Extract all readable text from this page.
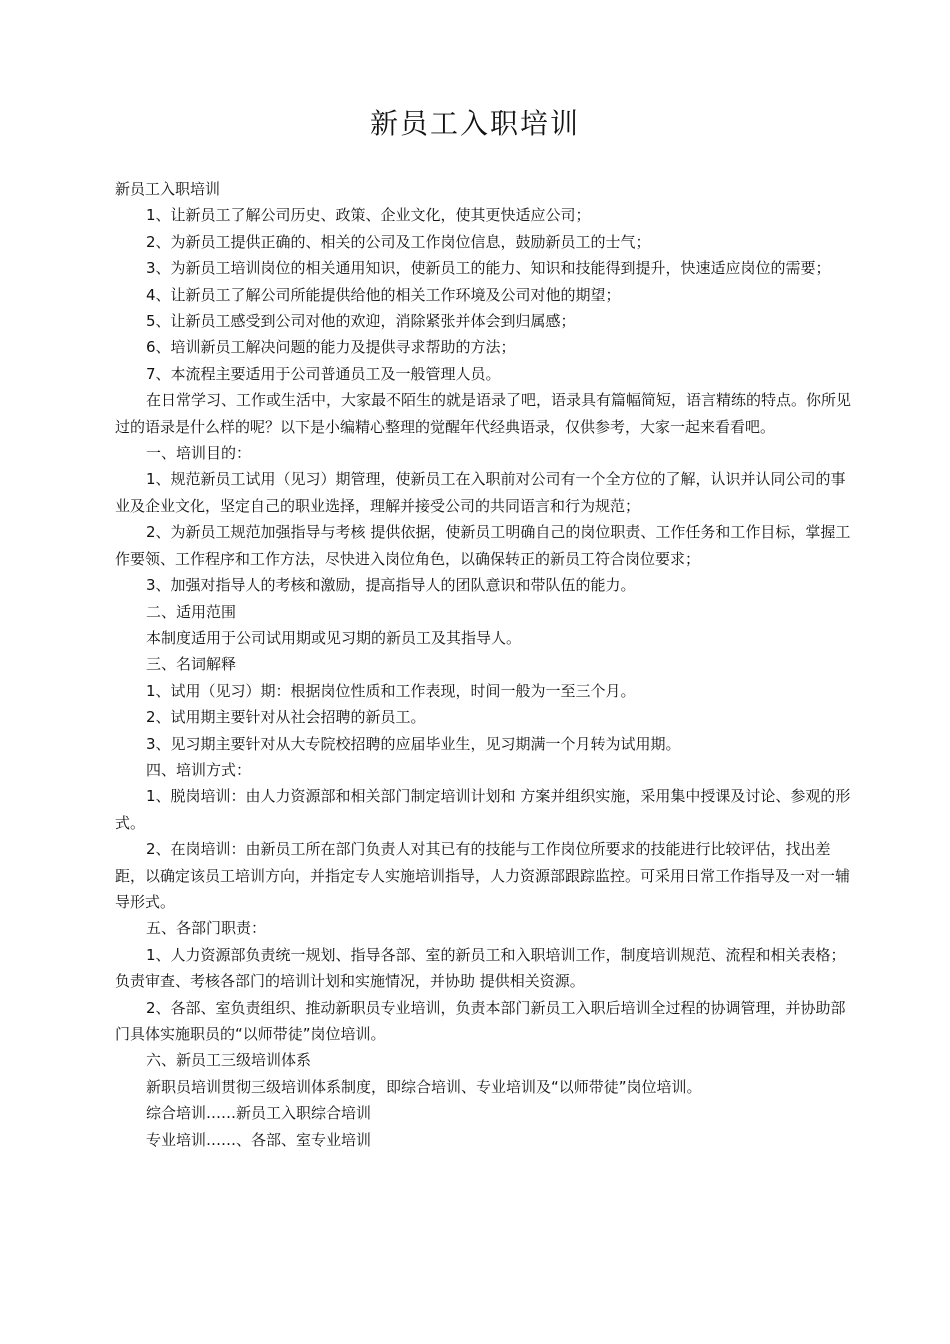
新员工入职培训

新员工入职培训

1、让新员工了解公司历史、政策、企业文化，使其更快适应公司；

2、为新员工提供正确的、相关的公司及工作岗位信息，鼓励新员工的士气；

3、为新员工培训岗位的相关通用知识，使新员工的能力、知识和技能得到提升，快速适应岗位的需要；

4、让新员工了解公司所能提供给他的相关工作环境及公司对他的期望；

5、让新员工感受到公司对他的欢迎，消除紧张并体会到归属感；

6、培训新员工解决问题的能力及提供寻求帮助的方法；

7、本流程主要适用于公司普通员工及一般管理人员。

在日常学习、工作或生活中，大家最不陌生的就是语录了吧，语录具有篇幅简短，语言精练的特点。你所见过的语录是什么样的呢？以下是小编精心整理的觉醒年代经典语录，仅供参考，大家一起来看看吧。

一、培训目的：

1、规范新员工试用（见习）期管理，使新员工在入职前对公司有一个全方位的了解，认识并认同公司的事业及企业文化，坚定自己的职业选择，理解并接受公司的共同语言和行为规范；

2、为新员工规范加强指导与考核 提供依据，使新员工明确自己的岗位职责、工作任务和工作目标，掌握工作要领、工作程序和工作方法，尽快进入岗位角色，以确保转正的新员工符合岗位要求；

3、加强对指导人的考核和激励，提高指导人的团队意识和带队伍的能力。

二、适用范围

本制度适用于公司试用期或见习期的新员工及其指导人。

三、名词解释

1、试用（见习）期：根据岗位性质和工作表现，时间一般为一至三个月。

2、试用期主要针对从社会招聘的新员工。

3、见习期主要针对从大专院校招聘的应届毕业生，见习期满一个月转为试用期。

四、培训方式：

1、脱岗培训：由人力资源部和相关部门制定培训计划和 方案并组织实施，采用集中授课及讨论、参观的形式。

2、在岗培训：由新员工所在部门负责人对其已有的技能与工作岗位所要求的技能进行比较评估，找出差距，以确定该员工培训方向，并指定专人实施培训指导，人力资源部跟踪监控。可采用日常工作指导及一对一辅导形式。

五、各部门职责：

1、人力资源部负责统一规划、指导各部、室的新员工和入职培训工作，制度培训规范、流程和相关表格；负责审查、考核各部门的培训计划和实施情况，并协助 提供相关资源。

2、各部、室负责组织、推动新职员专业培训，负责本部门新员工入职后培训全过程的协调管理，并协助部门具体实施职员的“以师带徒”岗位培训。

六、新员工三级培训体系

新职员培训贯彻三级培训体系制度，即综合培训、专业培训及“以师带徒”岗位培训。

综合培训……新员工入职综合培训

专业培训……、各部、室专业培训
